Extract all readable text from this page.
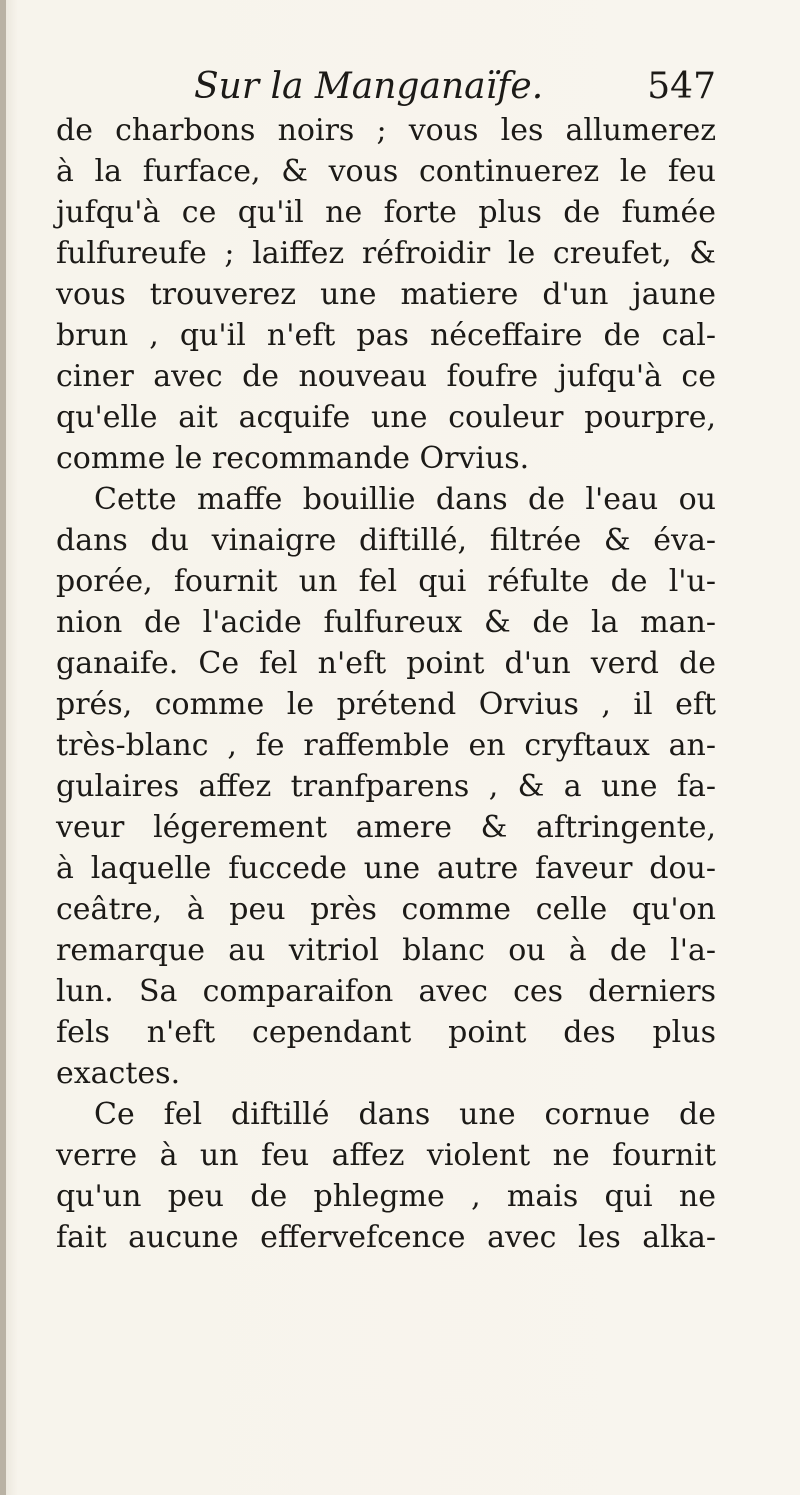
Sur la Manganaïfe.	547
de charbons noirs ; vous les allumerez
à la furface, & vous continuerez le feu
jufqu'à ce qu'il ne forte plus de fumée
fulfureufe ; laiffez réfroidir le creufet, &
vous trouverez une matiere d'un jaune
brun , qu'il n'eft pas néceffaire de cal-
ciner avec de nouveau foufre jufqu'à ce
qu'elle ait acquife une couleur pourpre,
comme le recommande Orvius.
Cette maffe bouillie dans de l'eau ou
dans du vinaigre diftillé, filtrée & éva-
porée, fournit un fel qui réfulte de l'u-
nion de l'acide fulfureux & de la man-
ganaife. Ce fel n'eft point d'un verd de
prés, comme le prétend Orvius , il eft
très-blanc , fe raffemble en cryftaux an-
gulaires affez tranfparens , & a une fa-
veur légerement amere & aftringente,
à laquelle fuccede une autre faveur dou-
ceâtre, à peu près comme celle qu'on
remarque au vitriol blanc ou à de l'a-
lun. Sa comparaifon avec ces derniers
fels n'eft cependant point des plus
exactes.
Ce fel diftillé dans une cornue de
verre à un feu affez violent ne fournit
qu'un peu de phlegme , mais qui ne
fait aucune effervefcence avec les alka-
